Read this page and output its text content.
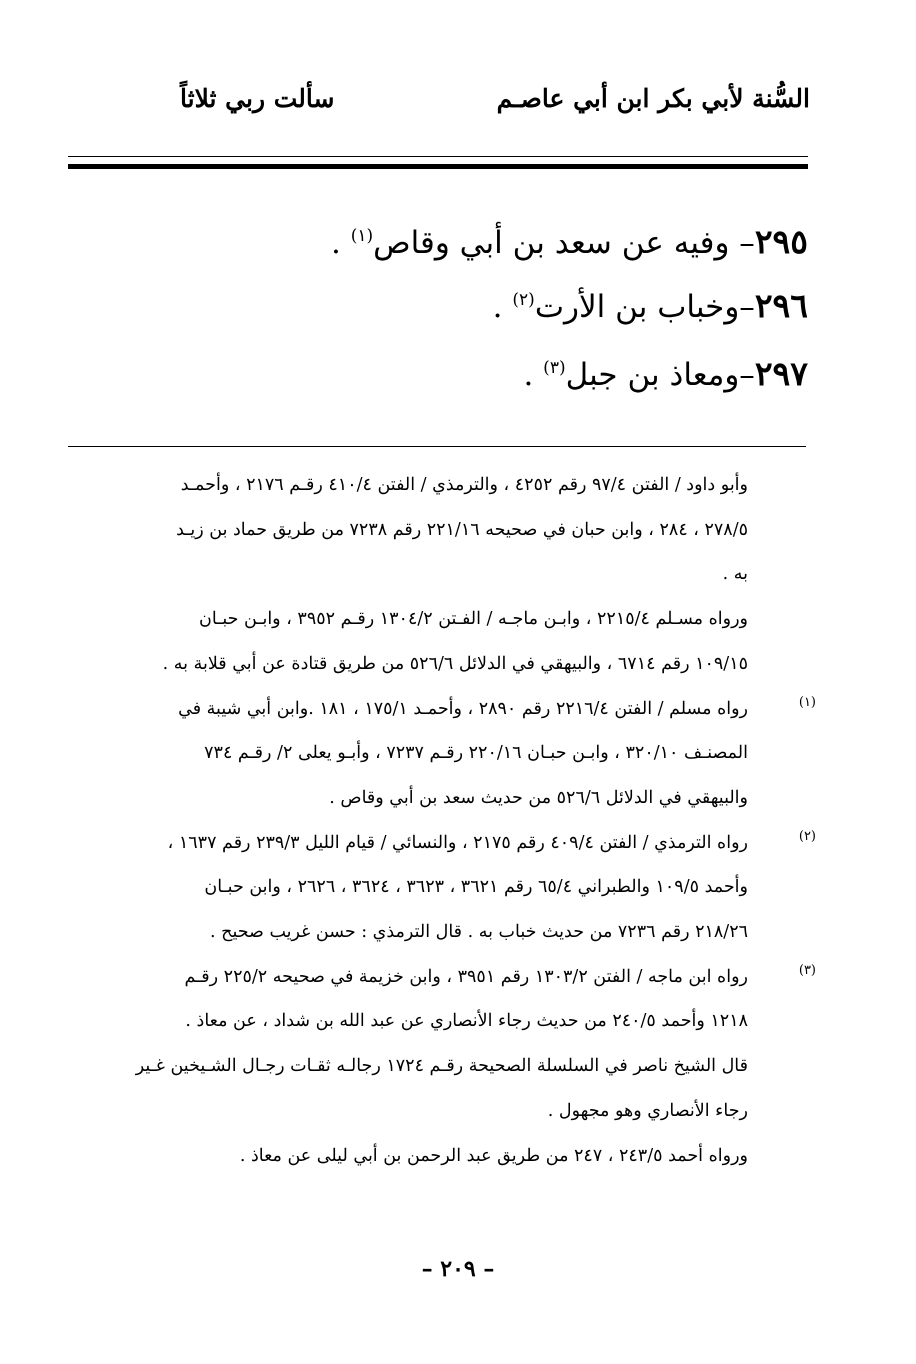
السُّنة لأبي بكر ابن أبي عاصـم
سألت ربي ثلاثاً
٢٩٥– وفيه عن سعد بن أبي وقاص$^{(١)}$ .
٢٩٦–وخباب بن الأرت$^{(٢)}$ .
٢٩٧–ومعاذ بن جبل$^{(٣)}$ .

وأبو داود / الفتن ٩٧/٤ رقم ٤٢٥٢ ، والترمذي / الفتن ٤١٠/٤ رقـم ٢١٧٦ ، وأحمـد

٢٧٨/٥ ، ٢٨٤ ، وابن حبان في صحيحه ٢٢١/١٦ رقم ٧٢٣٨ من طريق حماد بن زيـد

به .

ورواه مسـلم ٢٢١٥/٤ ، وابـن ماجـه / الفـتن ١٣٠٤/٢ رقـم ٣٩٥٢ ، وابـن حبـان

١٠٩/١٥ رقم ٦٧١٤ ، والبيهقي في الدلائل ٥٢٦/٦ من طريق قتادة عن أبي قلابة به .

(١)
رواه مسلم / الفتن ٢٢١٦/٤ رقم ٢٨٩٠ ، وأحمـد ١٧٥/١ ، ١٨١ .وابن أبي شيبة في

المصنـف ٣٢٠/١٠ ، وابـن حبـان ٢٢٠/١٦ رقـم ٧٢٣٧ ، وأبـو يعلى ٢/ رقـم ٧٣٤

والبيهقي في الدلائل ٥٢٦/٦ من حديث سعد بن أبي وقاص .

(٢)
رواه الترمذي / الفتن ٤٠٩/٤ رقم ٢١٧٥ ، والنسائي / قيام الليل ٢٣٩/٣ رقم ١٦٣٧ ،

وأحمد ١٠٩/٥ والطبراني ٦٥/٤ رقم ٣٦٢١ ، ٣٦٢٣ ، ٣٦٢٤ ، ٢٦٢٦ ، وابن حبـان

٢١٨/٢٦ رقم ٧٢٣٦ من حديث خباب به . قال الترمذي : حسن غريب صحيح .

(٣)
رواه ابن ماجه / الفتن ١٣٠٣/٢ رقم ٣٩٥١ ، وابن خزيمة في صحيحه ٢٢٥/٢ رقـم

١٢١٨ وأحمد ٢٤٠/٥ من حديث رجاء الأنصاري عن عبد الله بن شداد ، عن معاذ .

قال الشيخ ناصر في السلسلة الصحيحة رقـم ١٧٢٤ رجالـه ثقـات رجـال الشـيخين غـير

رجاء الأنصاري وهو مجهول .

ورواه أحمد ٢٤٣/٥ ، ٢٤٧ من طريق عبد الرحمن بن أبي ليلى عن معاذ .

– ٢٠٩ –
